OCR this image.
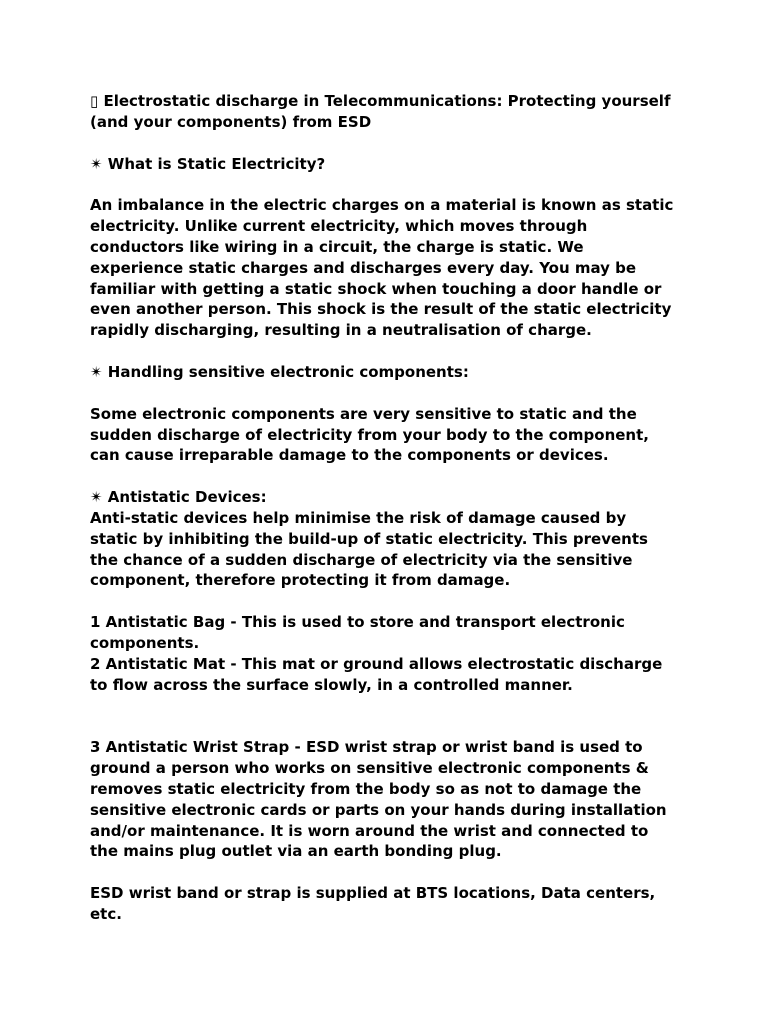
▯ Electrostatic discharge in Telecommunications: Protecting yourself
(and your components) from ESD
✴ What is Static Electricity?
An imbalance in the electric charges on a material is known as static
electricity. Unlike current electricity, which moves through
conductors like wiring in a circuit, the charge is static. We
experience static charges and discharges every day. You may be
familiar with getting a static shock when touching a door handle or
even another person. This shock is the result of the static electricity
rapidly discharging, resulting in a neutralisation of charge.
✴ Handling sensitive electronic components:
Some electronic components are very sensitive to static and the
sudden discharge of electricity from your body to the component,
can cause irreparable damage to the components or devices.
✴ Antistatic Devices:
Anti-static devices help minimise the risk of damage caused by
static by inhibiting the build-up of static electricity. This prevents
the chance of a sudden discharge of electricity via the sensitive
component, therefore protecting it from damage.
1 Antistatic Bag - This is used to store and transport electronic
components.
2 Antistatic Mat - This mat or ground allows electrostatic discharge
to flow across the surface slowly, in a controlled manner.
3 Antistatic Wrist Strap - ESD wrist strap or wrist band is used to
ground a person who works on sensitive electronic components &
removes static electricity from the body so as not to damage the
sensitive electronic cards or parts on your hands during installation
and/or maintenance. It is worn around the wrist and connected to
the mains plug outlet via an earth bonding plug.
ESD wrist band or strap is supplied at BTS locations, Data centers,
etc.
